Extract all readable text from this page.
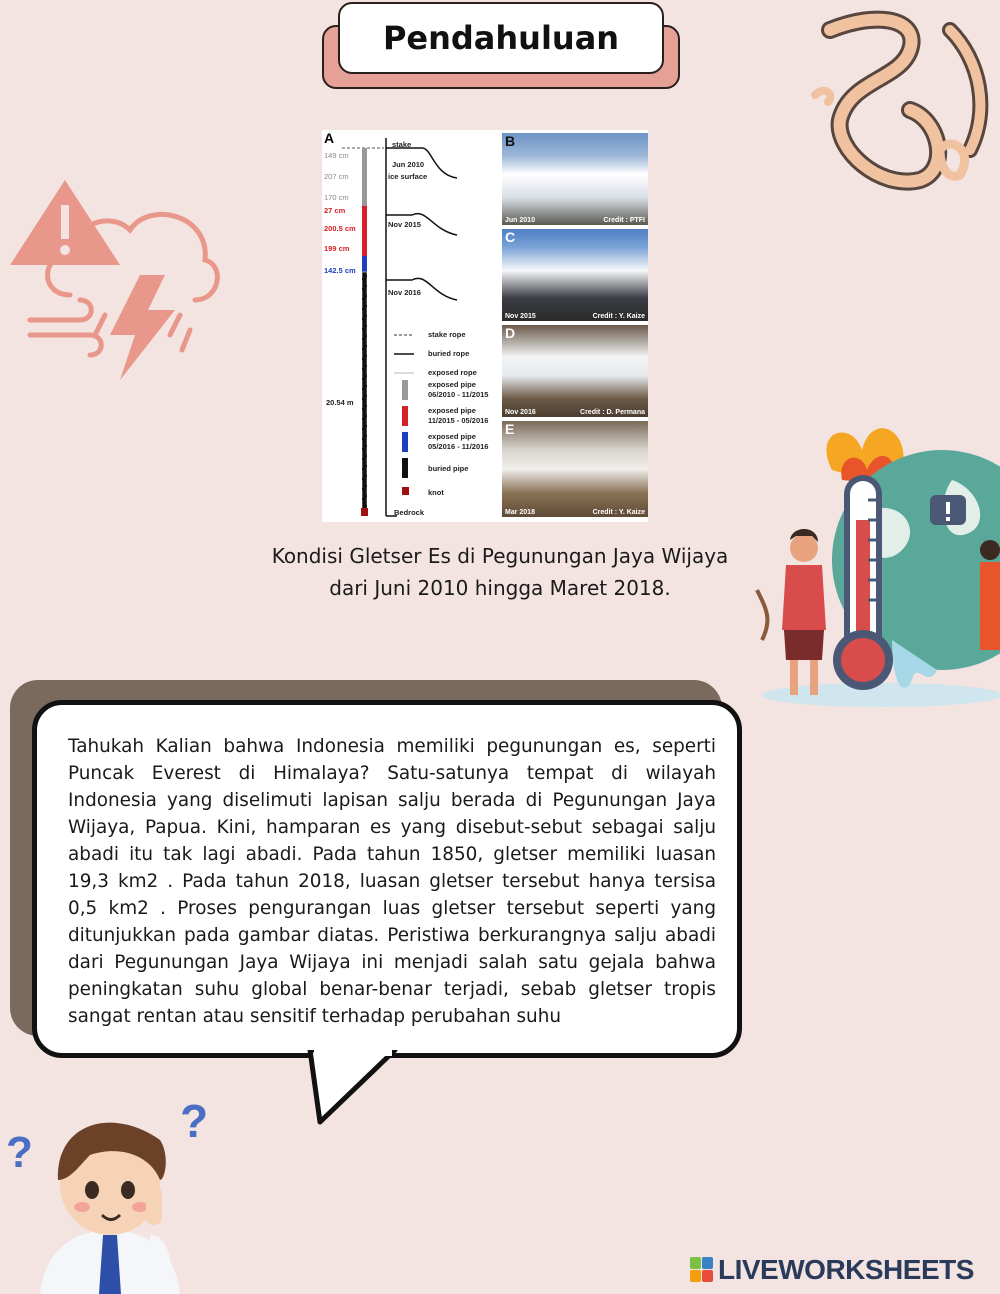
Pendahuluan
A	stake
149 cm
207 cm
170 cm
27 cm
200.5 cm
199 cm
142.5 cm
20.54 m
Jun 2010
ice surface
Nov 2015
Nov 2016
stake rope
buried rope
exposed rope
exposed pipe
06/2010 - 11/2015
exposed pipe
11/2015 - 05/2016
exposed pipe
05/2016 - 11/2016
buried pipe
knot
Bedrock
B
Jun 2010	Credit : PTFI
C
Nov 2015	Credit : Y. Kaize
D
Nov 2016	Credit : D. Permana
E
Mar 2018	Credit : Y. Kaize
Kondisi Gletser Es di Pegunungan Jaya Wijaya
dari Juni 2010 hingga Maret 2018.
Tahukah Kalian bahwa Indonesia memiliki pegunungan es, seperti Puncak Everest di Himalaya? Satu-satunya tempat di wilayah Indonesia yang diselimuti lapisan salju berada di Pegunungan Jaya Wijaya, Papua. Kini, hamparan es yang disebut-sebut sebagai salju abadi itu tak lagi abadi. Pada tahun 1850, gletser memiliki luasan 19,3 km2 . Pada tahun 2018, luasan gletser tersebut hanya tersisa 0,5 km2 . Proses pengurangan luas gletser tersebut seperti yang ditunjukkan pada gambar diatas. Peristiwa berkurangnya salju abadi dari Pegunungan Jaya Wijaya ini menjadi salah satu gejala bahwa peningkatan suhu global benar-benar terjadi, sebab gletser tropis sangat rentan atau sensitif terhadap perubahan suhu
?
?
LIVEWORKSHEETS
